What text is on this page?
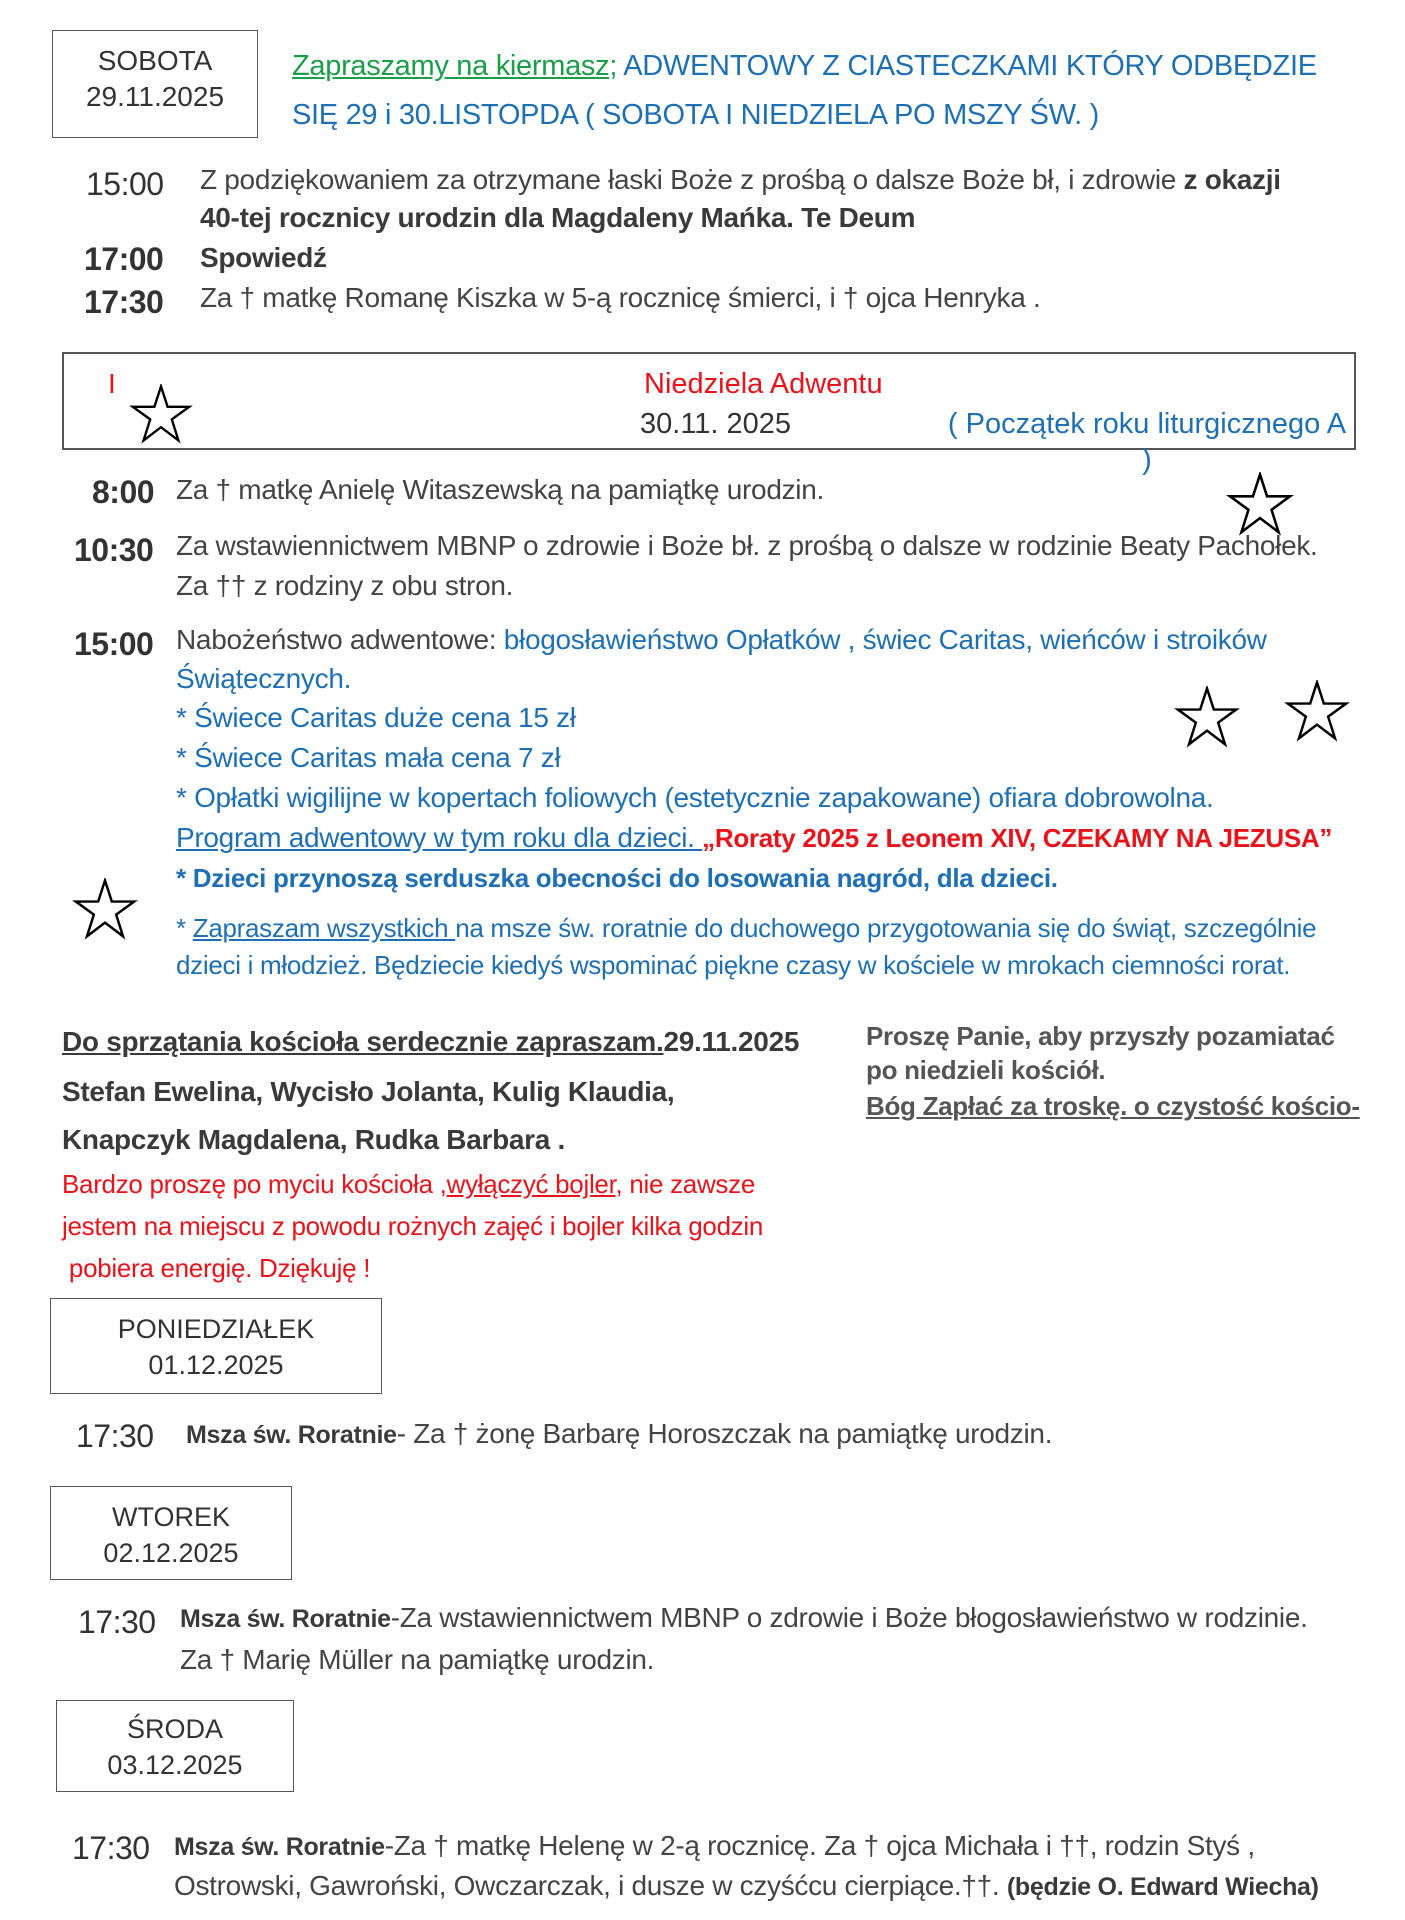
SOBOTA
29.11.2025
Zapraszamy na kiermasz; ADWENTOWY Z CIASTECZKAMI KTÓRY ODBĘDZIE
SIĘ 29 i 30.LISTOPDA ( SOBOTA I NIEDZIELA PO MSZY ŚW. )
15:00 Z podziękowaniem za otrzymane łaski Boże z prośbą o dalsze Boże bł, i zdrowie z okazji
40-tej rocznicy urodzin dla Magdaleny Mańka. Te Deum
17:00 Spowiedź
17:30 Za † matkę Romanę Kiszka w 5-ą rocznicę śmierci, i † ojca Henryka .
I	Niedziela Adwentu
30.11. 2025	( Początek roku liturgicznego A )
8:00 Za † matkę Anielę Witaszewską na pamiątkę urodzin.
10:30 Za wstawiennictwem MBNP o zdrowie i Boże bł. z prośbą o dalsze w rodzinie Beaty Pachołek.
Za †† z rodziny z obu stron.
15:00 Nabożeństwo adwentowe: błogosławieństwo Opłatków , świec Caritas, wieńców i stroików
Świątecznych.
* Świece Caritas duże cena 15 zł
* Świece Caritas mała cena 7 zł
* Opłatki wigilijne w kopertach foliowych (estetycznie zapakowane) ofiara dobrowolna.
Program adwentowy w tym roku dla dzieci. „Roraty 2025 z Leonem XIV, CZEKAMY NA JEZUSA”
* Dzieci przynoszą serduszka obecności do losowania nagród, dla dzieci.
* Zapraszam wszystkich na msze św. roratnie do duchowego przygotowania się do świąt, szczególnie
dzieci i młodzież. Będziecie kiedyś wspominać piękne czasy w kościele w mrokach ciemności rorat.
Do sprzątania kościoła serdecznie zapraszam.29.11.2025
Stefan Ewelina, Wycisło Jolanta, Kulig Klaudia,
Knapczyk Magdalena, Rudka Barbara .
Bardzo proszę po myciu kościoła ,wyłączyć bojler, nie zawsze
jestem na miejscu z powodu rożnych zajęć i bojler kilka godzin
pobiera energię. Dziękuję !
Proszę Panie, aby przyszły pozamiatać
po niedzieli kościół.
Bóg Zapłać za troskę. o czystość kościo-
PONIEDZIAŁEK
01.12.2025
17:30 Msza św. Roratnie- Za † żonę Barbarę Horoszczak na pamiątkę urodzin.
WTOREK
02.12.2025
17:30 Msza św. Roratnie-Za wstawiennictwem MBNP o zdrowie i Boże błogosławieństwo w rodzinie.
Za † Marię Müller na pamiątkę urodzin.
ŚRODA
03.12.2025
17:30 Msza św. Roratnie-Za † matkę Helenę w 2-ą rocznicę. Za † ojca Michała i ††, rodzin Styś ,
Ostrowski, Gawroński, Owczarczak, i dusze w czyśćcu cierpiące.††. (będzie O. Edward Wiecha)
